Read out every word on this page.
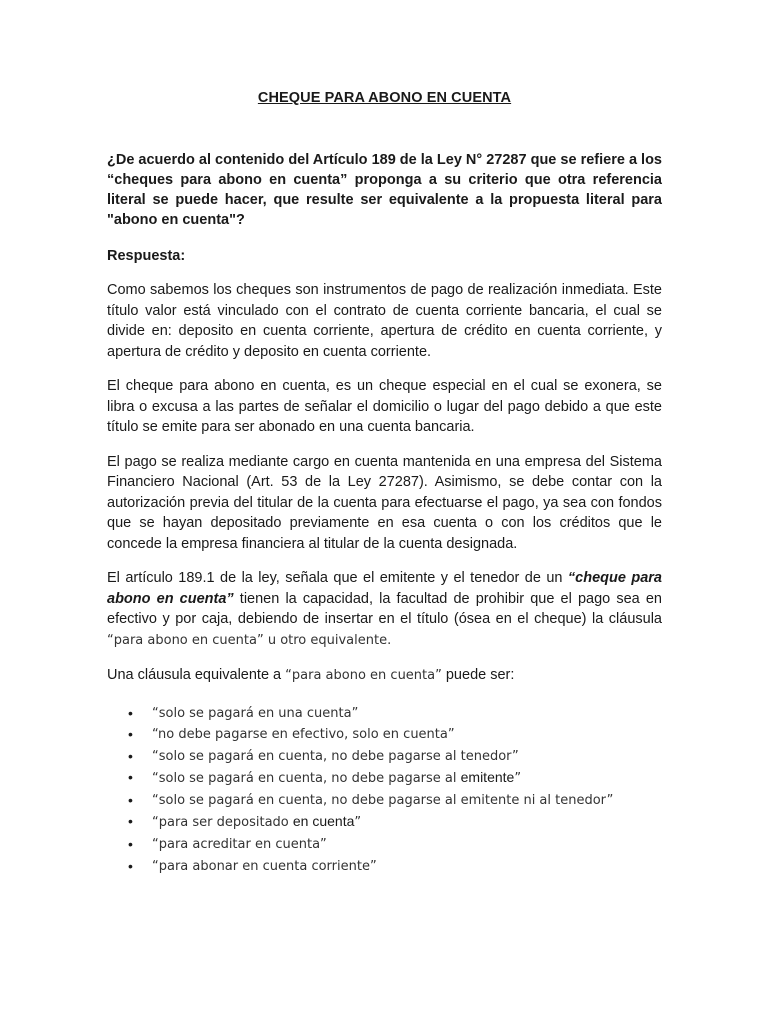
CHEQUE PARA ABONO EN CUENTA
¿De acuerdo al contenido del Artículo 189 de la Ley N° 27287 que se refiere a los “cheques para abono en cuenta” proponga a su criterio que otra referencia literal se puede hacer, que resulte ser equivalente a la propuesta literal para "abono en cuenta"?
Respuesta:

Como sabemos los cheques son instrumentos de pago de realización inmediata. Este título valor está vinculado con el contrato de cuenta corriente bancaria, el cual se divide en: deposito en cuenta corriente, apertura de crédito en cuenta corriente, y apertura de crédito y deposito en cuenta corriente.

El cheque para abono en cuenta, es un cheque especial en el cual se exonera, se libra o excusa a las partes de señalar el domicilio o lugar del pago debido a que este título se emite para ser abonado en una cuenta bancaria.

El pago se realiza mediante cargo en cuenta mantenida en una empresa del Sistema Financiero Nacional (Art. 53 de la Ley 27287). Asimismo, se debe contar con la autorización previa del titular de la cuenta para efectuarse el pago, ya sea con fondos que se hayan depositado previamente en esa cuenta o con los créditos que le concede la empresa financiera al titular de la cuenta designada.

El artículo 189.1 de la ley, señala que el emitente y el tenedor de un “cheque para abono en cuenta” tienen la capacidad, la facultad de prohibir que el pago sea en efectivo y por caja, debiendo de insertar en el título (ósea en el cheque) la cláusula “para abono en cuenta” u otro equivalente.

Una cláusula equivalente a “para abono en cuenta” puede ser:

• “solo se pagará en una cuenta”
• “no debe pagarse en efectivo, solo en cuenta”
• “solo se pagará en cuenta, no debe pagarse al tenedor”
• “solo se pagará en cuenta, no debe pagarse al emitente”
• “solo se pagará en cuenta, no debe pagarse al emitente ni al tenedor”
• “para ser depositado en cuenta”
• “para acreditar en cuenta”
• “para abonar en cuenta corriente”
